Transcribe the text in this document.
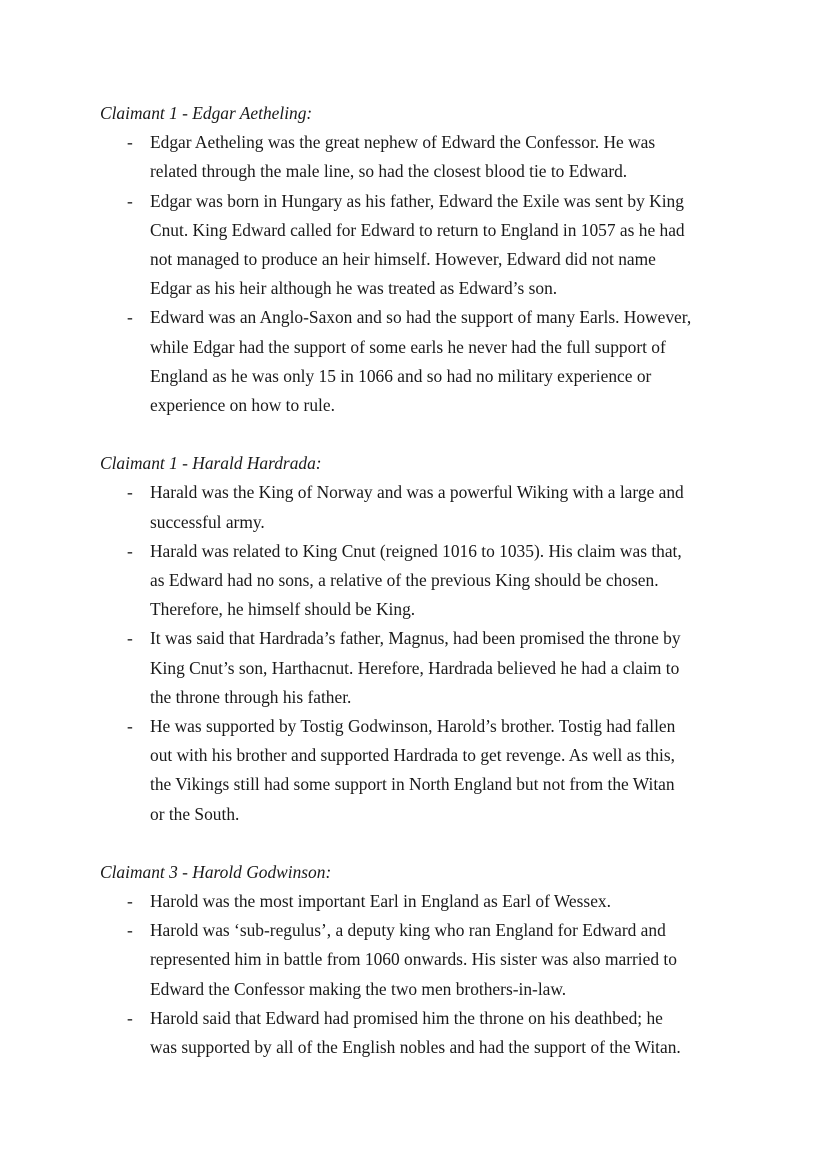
Claimant 1 - Edgar Aetheling:
- Edgar Aetheling was the great nephew of Edward the Confessor. He was
related through the male line, so had the closest blood tie to Edward.
- Edgar was born in Hungary as his father, Edward the Exile was sent by King
Cnut. King Edward called for Edward to return to England in 1057 as he had
not managed to produce an heir himself. However, Edward did not name
Edgar as his heir although he was treated as Edward’s son.
- Edward was an Anglo-Saxon and so had the support of many Earls. However,
while Edgar had the support of some earls he never had the full support of
England as he was only 15 in 1066 and so had no military experience or
experience on how to rule.
Claimant 1 - Harald Hardrada:
- Harald was the King of Norway and was a powerful Wiking with a large and
successful army.
- Harald was related to King Cnut (reigned 1016 to 1035). His claim was that,
as Edward had no sons, a relative of the previous King should be chosen.
Therefore, he himself should be King.
- It was said that Hardrada’s father, Magnus, had been promised the throne by
King Cnut’s son, Harthacnut. Herefore, Hardrada believed he had a claim to
the throne through his father.
- He was supported by Tostig Godwinson, Harold’s brother. Tostig had fallen
out with his brother and supported Hardrada to get revenge. As well as this,
the Vikings still had some support in North England but not from the Witan
or the South.
Claimant 3 - Harold Godwinson:
- Harold was the most important Earl in England as Earl of Wessex.
- Harold was ‘sub-regulus’, a deputy king who ran England for Edward and
represented him in battle from 1060 onwards. His sister was also married to
Edward the Confessor making the two men brothers-in-law.
- Harold said that Edward had promised him the throne on his deathbed; he
was supported by all of the English nobles and had the support of the Witan.
